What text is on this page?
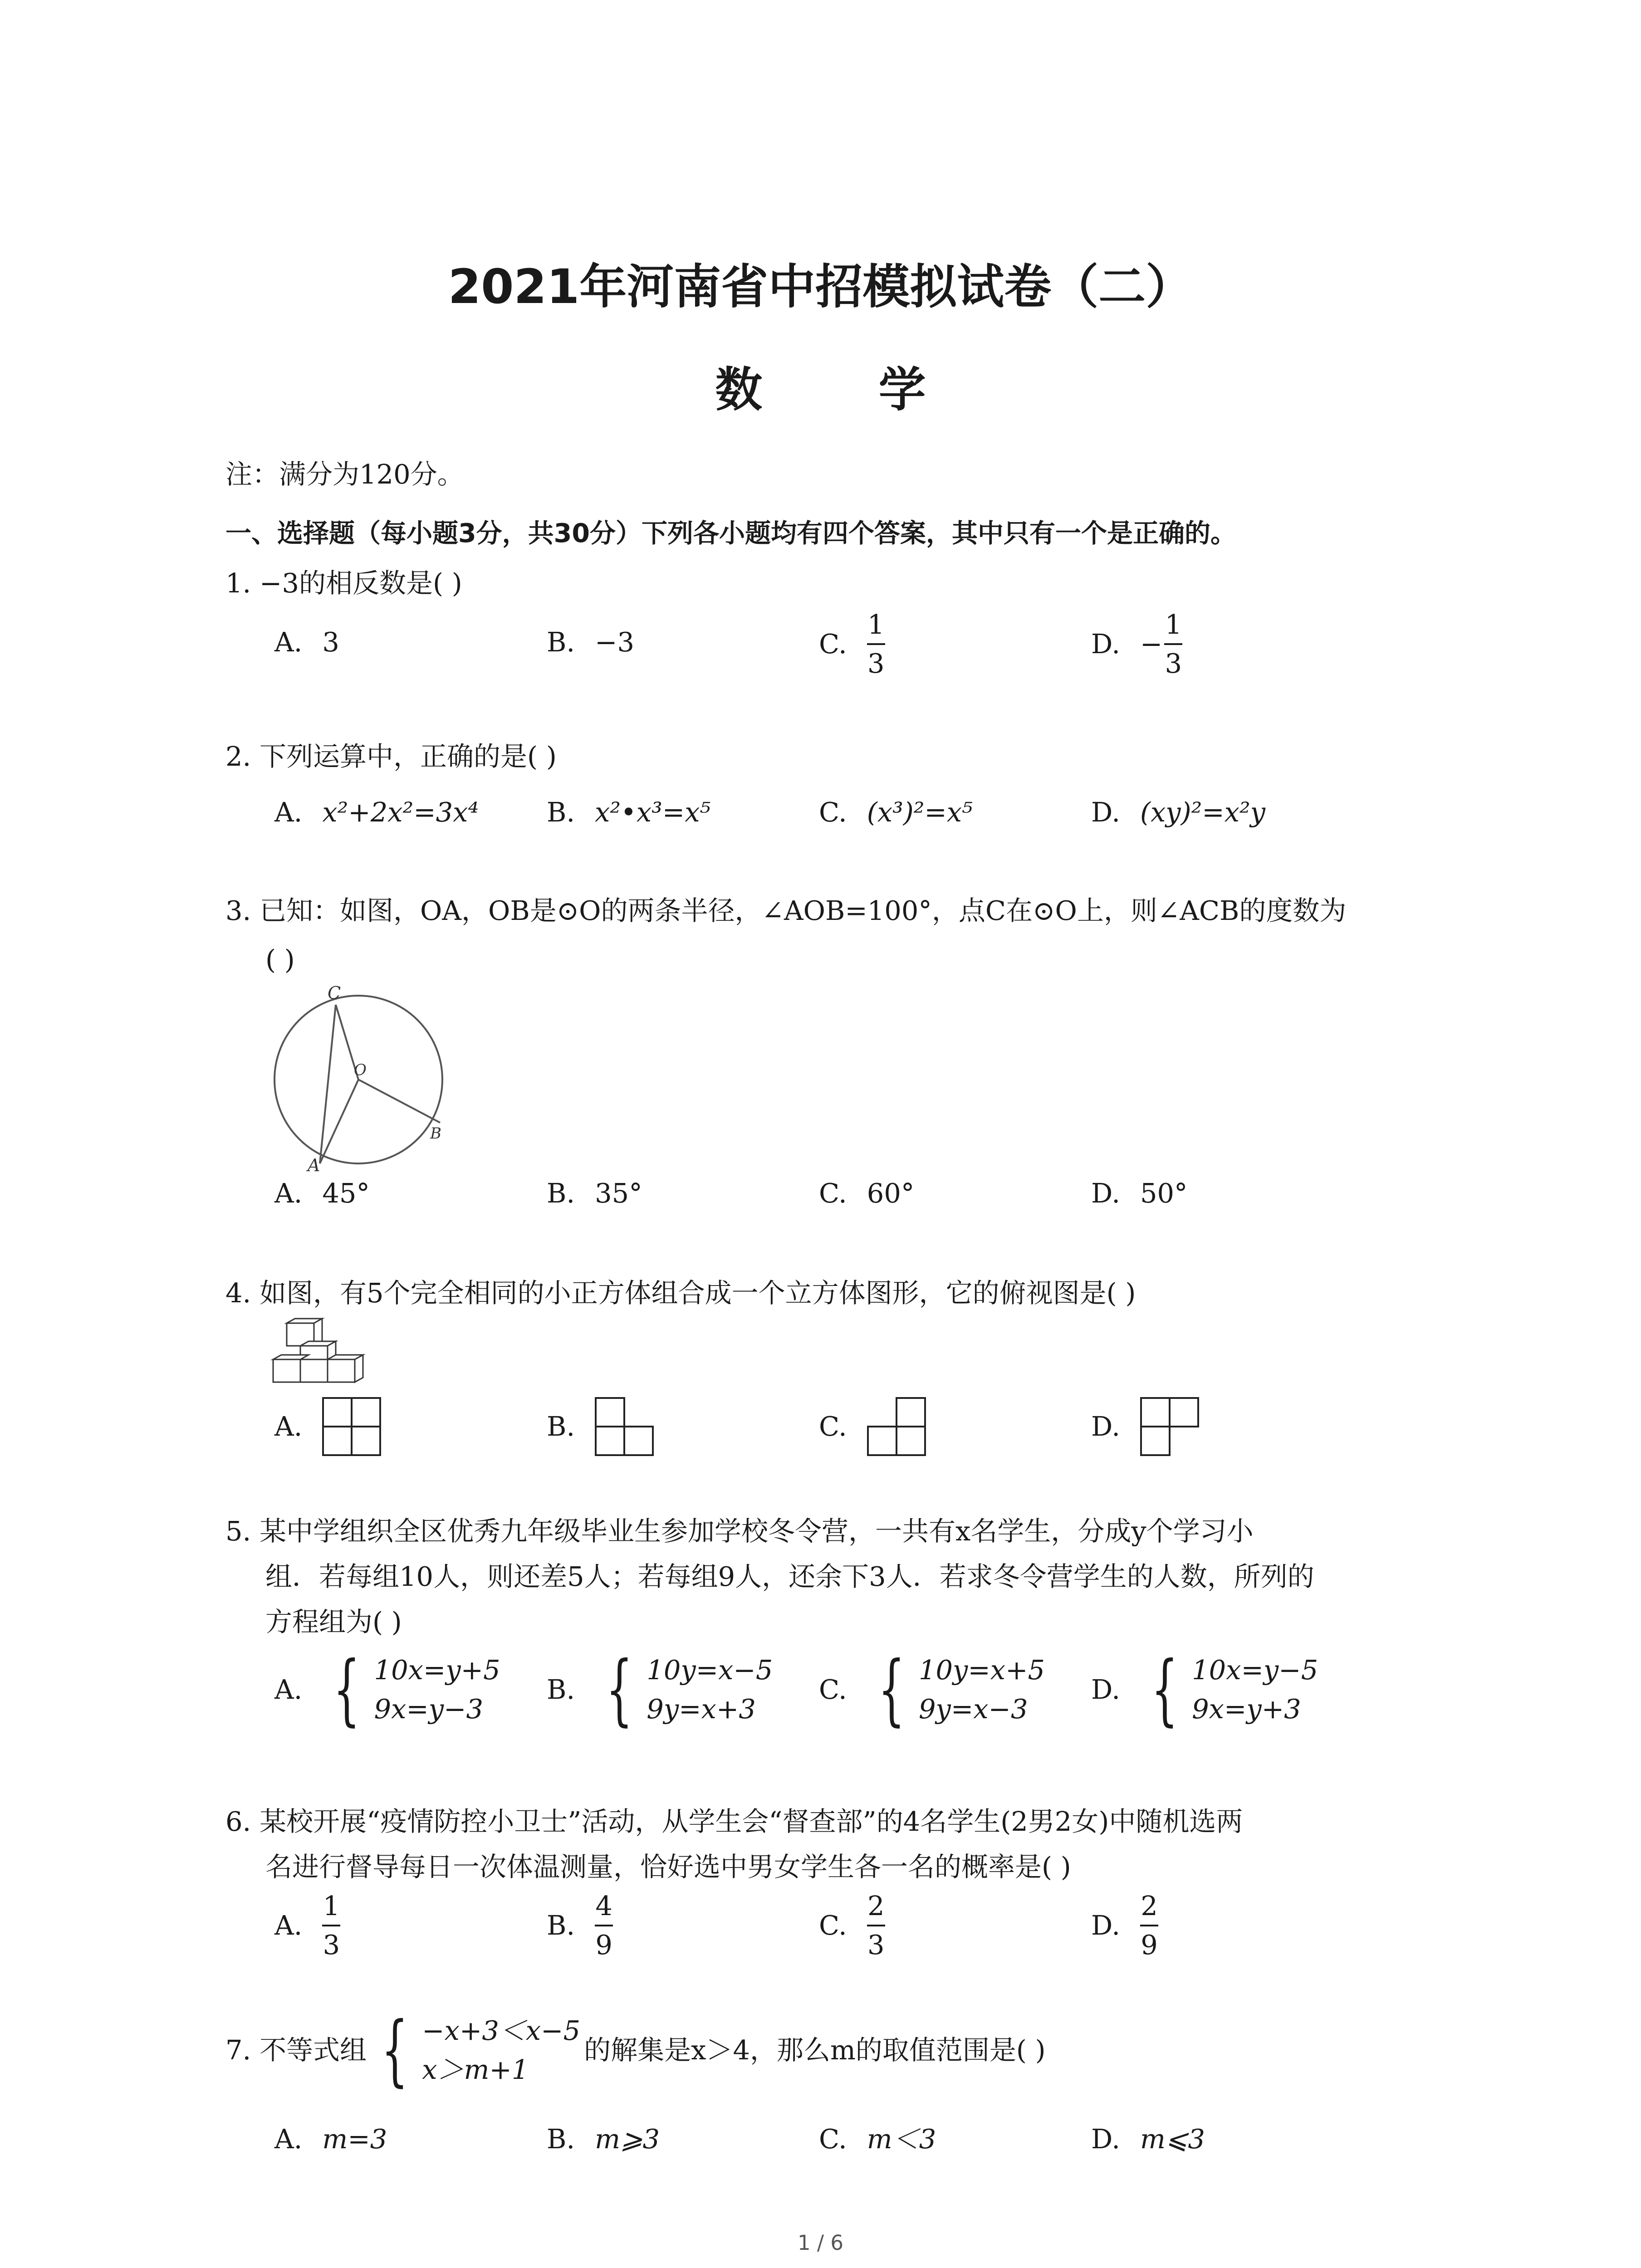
2021年河南省中招模拟试卷（二）
数 学
注：满分为120分。
一、选择题（每小题3分，共30分）下列各小题均有四个答案，其中只有一个是正确的。
1. −3的相反数是( )
A. 3	B. −3	C. $\frac{1}{3}$	D. − $\frac{1}{3}$
2. 下列运算中，正确的是( )
A. x²+2x²=3x⁴	B. x²•x³=x⁵	C. (x³)²=x⁵	D. (xy)²=x²y
3. 已知：如图，OA，OB是⊙O的两条半径，∠AOB=100°，点C在⊙O上，则∠ACB的度数为
( )
C
O
A
B
A. 45°	B. 35°	C. 60°	D. 50°
4. 如图，有5个完全相同的小正方体组合成一个立方体图形，它的俯视图是( )
A.	B.	C.	D.
5. 某中学组织全区优秀九年级毕业生参加学校冬令营，一共有x名学生，分成y个学习小
组．若每组10人，则还差5人；若每组9人，还余下3人．若求冬令营学生的人数，所列的
方程组为( )
A. { 10x=y+5
9x=y−3
B. { 10y=x−5
9y=x+3
C. { 10y=x+5
9y=x−3
D. { 10x=y−5
9x=y+3
6. 某校开展“疫情防控小卫士”活动，从学生会“督查部”的4名学生(2男2女)中随机选两
名进行督导每日一次体温测量，恰好选中男女学生各一名的概率是( )
A. $\frac{1}{3}$	B. $\frac{4}{9}$	C. $\frac{2}{3}$	D. $\frac{2}{9}$
7. 不等式组 { −x+3＜x−5
x＞m+1
的解集是x＞4，那么m的取值范围是( )
A. m=3	B. m⩾3	C. m＜3	D. m⩽3
1 / 6
